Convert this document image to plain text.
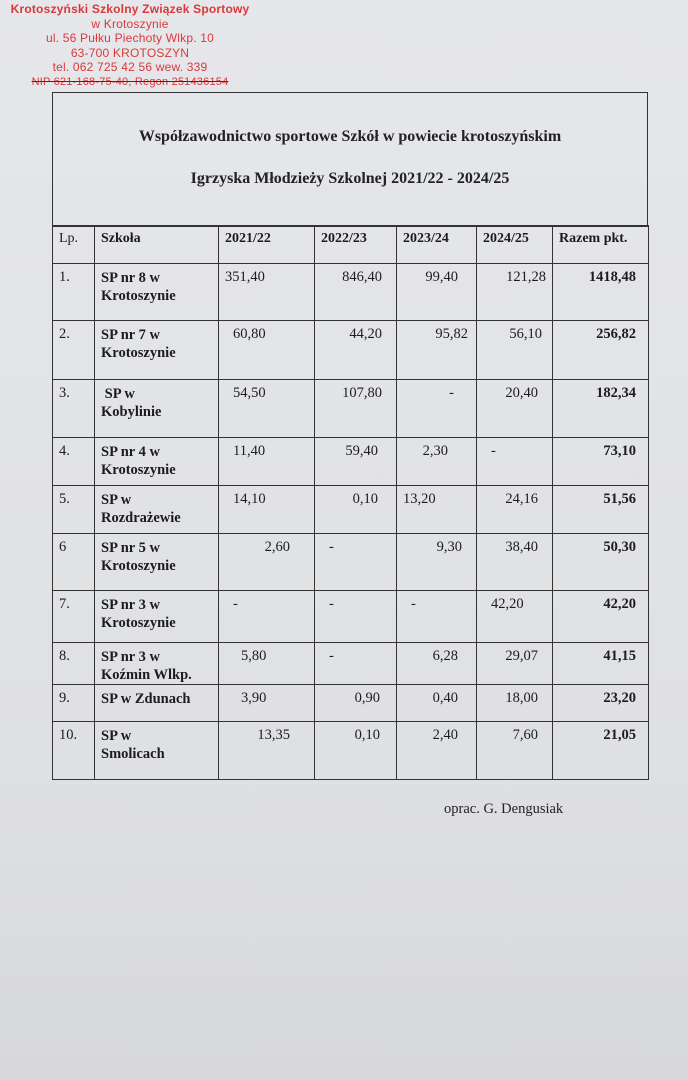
Krotoszyński Szkolny Związek Sportowy
w Krotoszynie
ul. 56 Pułku Piechoty Wlkp. 10
63-700 KROTOSZYN
tel. 062 725 42 56 wew. 339
NIP 621-168-75-40, Regon 251436154
Współzawodnictwo sportowe Szkół w powiecie krotoszyńskim
Igrzyska Młodzieży Szkolnej 2021/22 - 2024/25
Lp.	Szkoła	2021/22	2022/23	2023/24	2024/25	Razem pkt.
1.	SP nr 8 w
Krotoszynie	351,40	846,40	99,40	121,28	1418,48
2.	SP nr 7 w
Krotoszynie	60,80	44,20	95,82	56,10	256,82
3.	SP w
Kobylinie	54,50	107,80	-	20,40	182,34
4.	SP nr 4 w
Krotoszynie	11,40	59,40	2,30	-	73,10
5.	SP w
Rozdrażewie	14,10	0,10	13,20	24,16	51,56
6	SP nr 5 w
Krotoszynie	2,60	-	9,30	38,40	50,30
7.	SP nr 3 w
Krotoszynie	-	-	-	42,20	42,20
8.	SP nr 3 w
Koźmin Wlkp.	5,80	-	6,28	29,07	41,15
9.	SP w Zdunach	3,90	0,90	0,40	18,00	23,20
10.	SP w
Smolicach	13,35	0,10	2,40	7,60	21,05
oprac. G. Dengusiak
